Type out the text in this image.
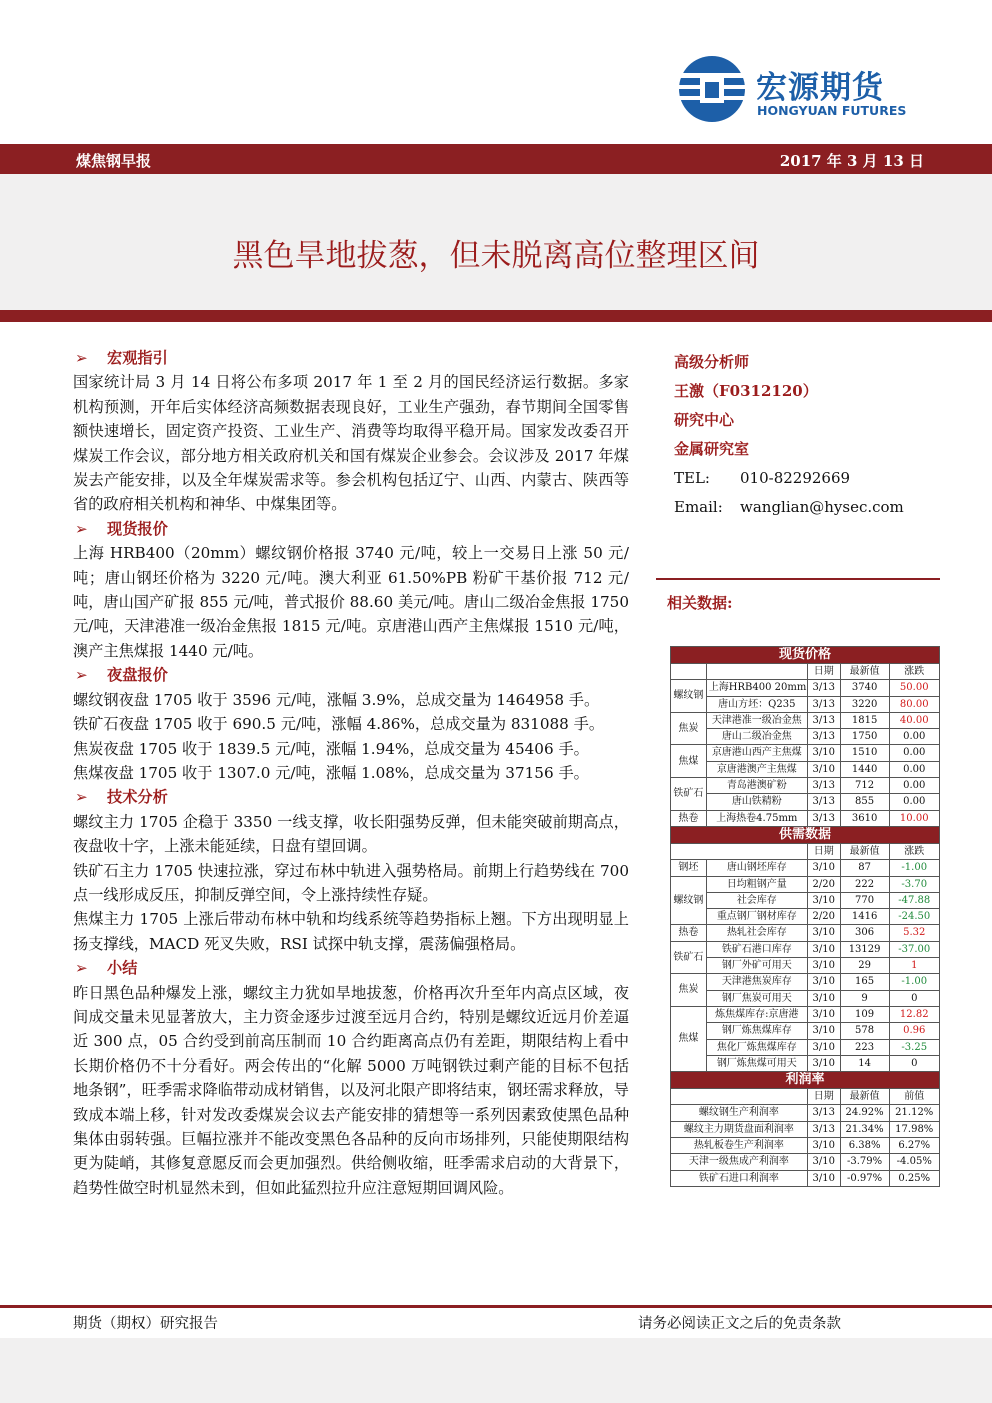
宏源期货
HONGYUAN FUTURES
煤焦钢早报	2017 年 3 月 13 日
黑色旱地拔葱，但未脱离高位整理区间

➢ 宏观指引

国家统计局 3 月 14 日将公布多项 2017 年 1 至 2 月的国民经济运行数据。多家机构预测，开年后实体经济高频数据表现良好，工业生产强劲，春节期间全国零售额快速增长，固定资产投资、工业生产、消费等均取得平稳开局。国家发改委召开煤炭工作会议，部分地方相关政府机关和国有煤炭企业参会。会议涉及 2017 年煤炭去产能安排，以及全年煤炭需求等。参会机构包括辽宁、山西、内蒙古、陕西等省的政府相关机构和神华、中煤集团等。

➢ 现货报价

上海 HRB400（20mm）螺纹钢价格报 3740 元/吨，较上一交易日上涨 50 元/吨；唐山钢坯价格为 3220 元/吨。澳大利亚 61.50%PB 粉矿干基价报 712 元/吨，唐山国产矿报 855 元/吨，普式报价 88.60 美元/吨。唐山二级冶金焦报 1750 元/吨，天津港准一级冶金焦报 1815 元/吨。京唐港山西产主焦煤报 1510 元/吨，澳产主焦煤报 1440 元/吨。

➢ 夜盘报价

螺纹钢夜盘 1705 收于 3596 元/吨，涨幅 3.9%，总成交量为 1464958 手。

铁矿石夜盘 1705 收于 690.5 元/吨，涨幅 4.86%，总成交量为 831088 手。

焦炭夜盘 1705 收于 1839.5 元/吨，涨幅 1.94%，总成交量为 45406 手。

焦煤夜盘 1705 收于 1307.0 元/吨，涨幅 1.08%，总成交量为 37156 手。

➢ 技术分析

螺纹主力 1705 企稳于 3350 一线支撑，收长阳强势反弹，但未能突破前期高点，夜盘收十字，上涨未能延续，日盘有望回调。

铁矿石主力 1705 快速拉涨，穿过布林中轨进入强势格局。前期上行趋势线在 700 点一线形成反压，抑制反弹空间，令上涨持续性存疑。

焦煤主力 1705 上涨后带动布林中轨和均线系统等趋势指标上翘。下方出现明显上扬支撑线，MACD 死叉失败，RSI 试探中轨支撑，震荡偏强格局。

➢ 小结

昨日黑色品种爆发上涨，螺纹主力犹如旱地拔葱，价格再次升至年内高点区域，夜间成交量未见显著放大，主力资金逐步过渡至远月合约，特别是螺纹近远月价差逼近 300 点，05 合约受到前高压制而 10 合约距离高点仍有差距，期限结构上看中长期价格仍不十分看好。两会传出的“化解 5000 万吨钢铁过剩产能的目标不包括地条钢”，旺季需求降临带动成材销售，以及河北限产即将结束，钢坯需求释放，导致成本端上移，针对发改委煤炭会议去产能安排的猜想等一系列因素致使黑色品种集体由弱转强。巨幅拉涨并不能改变黑色各品种的反向市场排列，只能使期限结构更为陡峭，其修复意愿反而会更加强烈。供给侧收缩，旺季需求启动的大背景下，趋势性做空时机显然未到，但如此猛烈拉升应注意短期回调风险。

高级分析师
王激（F0312120）
研究中心
金属研究室
TEL: 010-82292669
Email: wanglian@hysec.com
相关数据:
现货价格				
		日期	最新值	涨跌
螺纹钢	上海HRB400 20mm	3/13	3740	50.00
	唐山方坯：Q235	3/13	3220	80.00
焦炭	天津港准一级冶金焦	3/13	1815	40.00
	唐山二级冶金焦	3/13	1750	0.00
焦煤	京唐港山西产主焦煤	3/10	1510	0.00
	京唐港澳产主焦煤	3/10	1440	0.00
铁矿石	青岛港澳矿粉	3/13	712	0.00
	唐山铁精粉	3/13	855	0.00
热卷	上海热卷4.75mm	3/13	3610	10.00
供需数据				
		日期	最新值	涨跌
钢坯	唐山钢坯库存	3/10	87	-1.00
螺纹钢	日均粗钢产量	2/20	222	-3.70
	社会库存	3/10	770	-47.88
	重点钢厂钢材库存	2/20	1416	-24.50
热卷	热轧社会库存	3/10	306	5.32
铁矿石	铁矿石港口库存	3/10	13129	-37.00
	钢厂外矿可用天	3/10	29	1
焦炭	天津港焦炭库存	3/10	165	-1.00
	钢厂焦炭可用天	3/10	9	0
焦煤	炼焦煤库存:京唐港	3/10	109	12.82
	钢厂炼焦煤库存	3/10	578	0.96
	焦化厂炼焦煤库存	3/10	223	-3.25
	钢厂炼焦煤可用天	3/10	14	0
利润率				
		日期	最新值	前值
螺纹钢生产利润率		3/13	24.92%	21.12%
螺纹主力期货盘面利润率		3/13	21.34%	17.98%
热轧板卷生产利润率		3/10	6.38%	6.27%
天津一级焦成产利润率		3/10	-3.79%	-4.05%
铁矿石进口利润率		3/10	-0.97%	0.25%
期货（期权）研究报告	请务必阅读正文之后的免责条款
